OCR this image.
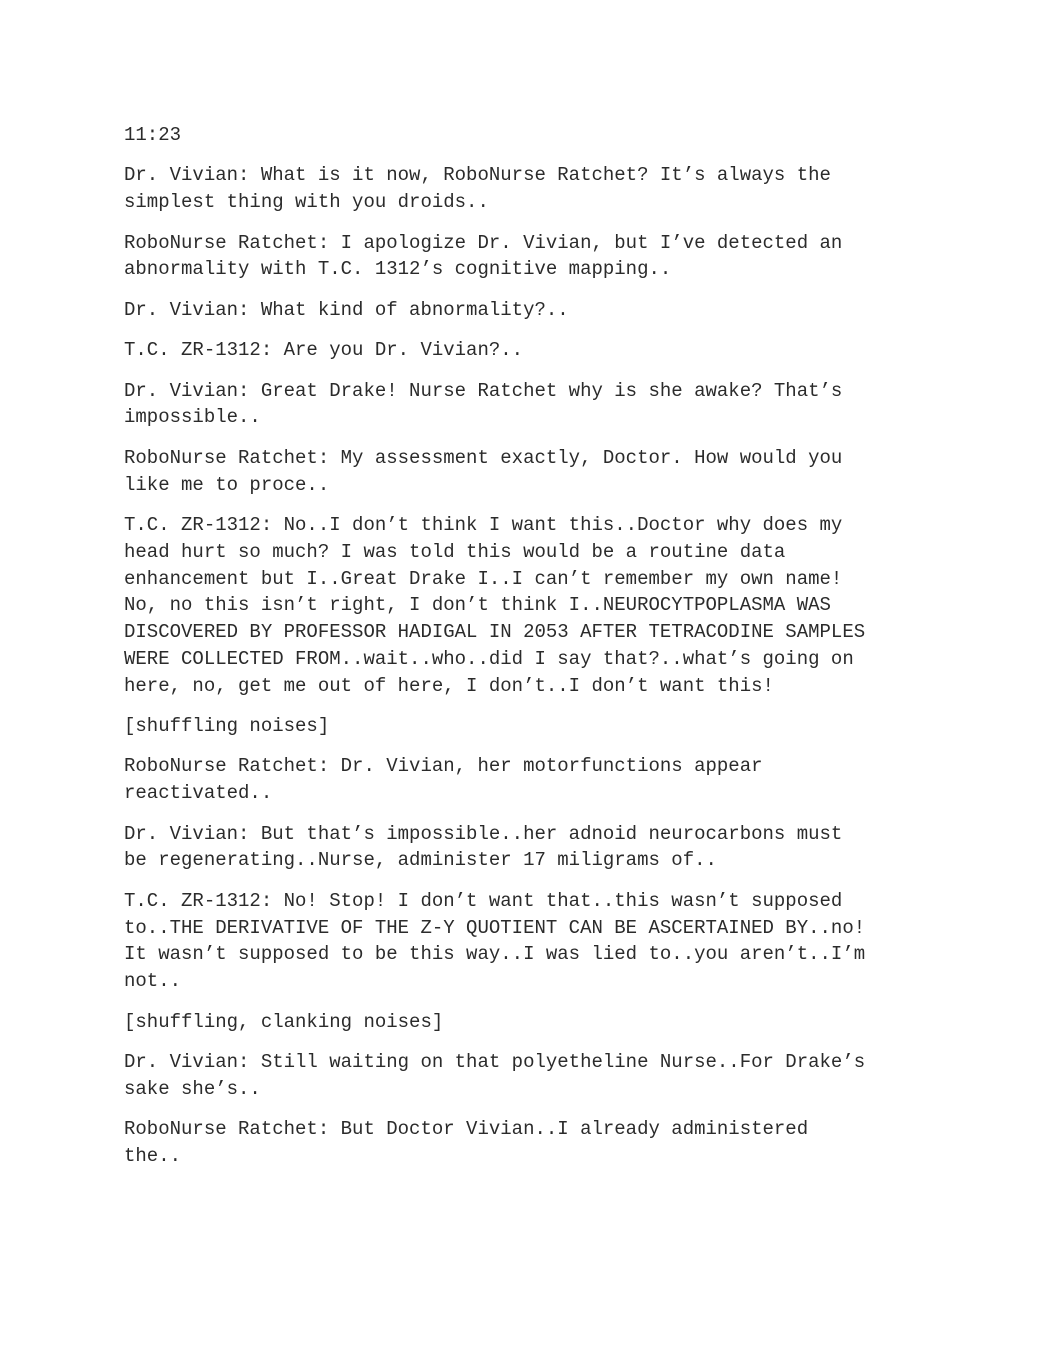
11:23

Dr. Vivian: What is it now, RoboNurse Ratchet? It’s always the
simplest thing with you droids..

RoboNurse Ratchet: I apologize Dr. Vivian, but I’ve detected an
abnormality with T.C. 1312’s cognitive mapping..

Dr. Vivian: What kind of abnormality?..

T.C. ZR-1312: Are you Dr. Vivian?..

Dr. Vivian: Great Drake! Nurse Ratchet why is she awake? That’s
impossible..

RoboNurse Ratchet: My assessment exactly, Doctor. How would you
like me to proce..

T.C. ZR-1312: No..I don’t think I want this..Doctor why does my
head hurt so much? I was told this would be a routine data
enhancement but I..Great Drake I..I can’t remember my own name!
No, no this isn’t right, I don’t think I..NEUROCYTPOPLASMA WAS
DISCOVERED BY PROFESSOR HADIGAL IN 2053 AFTER TETRACODINE SAMPLES
WERE COLLECTED FROM..wait..who..did I say that?..what’s going on
here, no, get me out of here, I don’t..I don’t want this!

[shuffling noises]

RoboNurse Ratchet: Dr. Vivian, her motorfunctions appear
reactivated..

Dr. Vivian: But that’s impossible..her adnoid neurocarbons must
be regenerating..Nurse, administer 17 miligrams of..

T.C. ZR-1312: No! Stop! I don’t want that..this wasn’t supposed
to..THE DERIVATIVE OF THE Z-Y QUOTIENT CAN BE ASCERTAINED BY..no!
It wasn’t supposed to be this way..I was lied to..you aren’t..I’m
not..

[shuffling, clanking noises]

Dr. Vivian: Still waiting on that polyetheline Nurse..For Drake’s
sake she’s..

RoboNurse Ratchet: But Doctor Vivian..I already administered
the..
